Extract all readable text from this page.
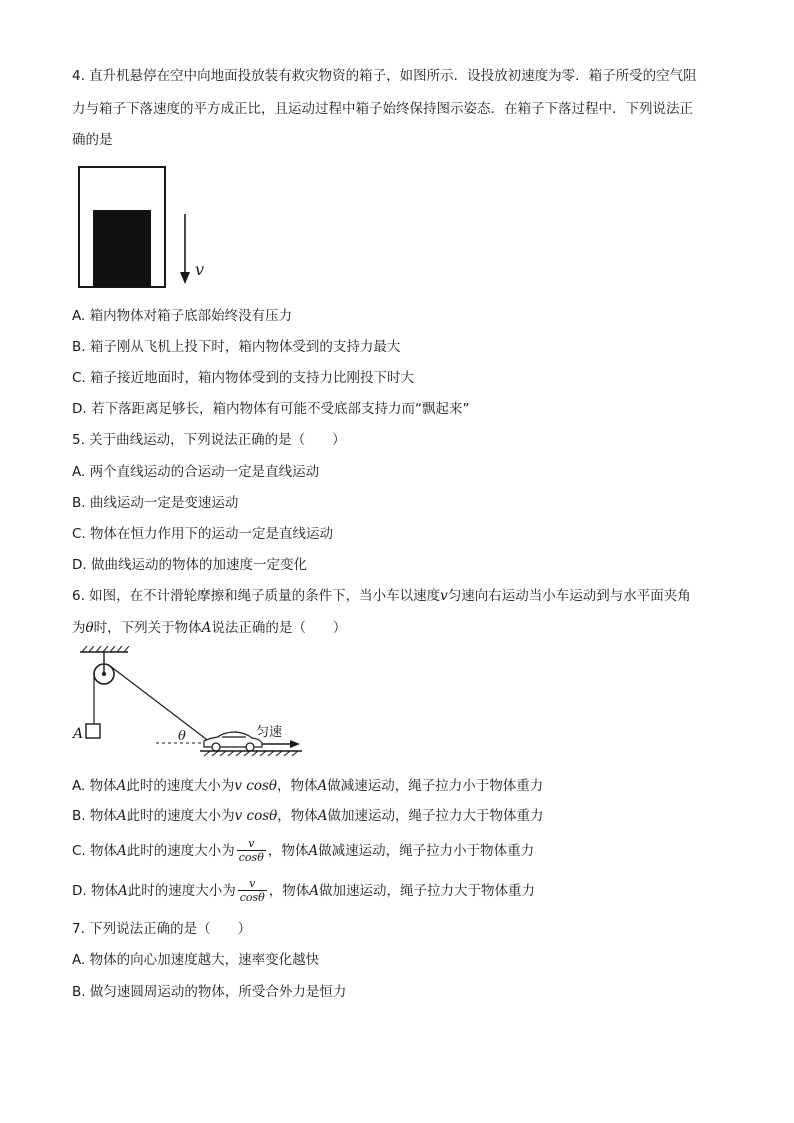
4. 直升机悬停在空中向地面投放装有救灾物资的箱子，如图所示．设投放初速度为零．箱子所受的空气阻
力与箱子下落速度的平方成正比，且运动过程中箱子始终保持图示姿态．在箱子下落过程中．下列说法正
确的是
v
A. 箱内物体对箱子底部始终没有压力
B. 箱子刚从飞机上投下时，箱内物体受到的支持力最大
C. 箱子接近地面时，箱内物体受到的支持力比刚投下时大
D. 若下落距离足够长，箱内物体有可能不受底部支持力而“飘起来”
5. 关于曲线运动，下列说法正确的是（　　）
A. 两个直线运动的合运动一定是直线运动
B. 曲线运动一定是变速运动
C. 物体在恒力作用下的运动一定是直线运动
D. 做曲线运动的物体的加速度一定变化
6. 如图，在不计滑轮摩擦和绳子质量的条件下，当小车以速度v匀速向右运动当小车运动到与水平面夹角
为θ时，下列关于物体A说法正确的是（　　）
A	θ	匀速
A. 物体A此时的速度大小为v cosθ，物体A做减速运动，绳子拉力小于物体重力
B. 物体A此时的速度大小为v cosθ，物体A做加速运动，绳子拉力大于物体重力
C. 物体A此时的速度大小为 $\frac{v}{\cos\theta}$ ，物体A做减速运动，绳子拉力小于物体重力
D. 物体A此时的速度大小为 $\frac{v}{\cos\theta}$ ，物体A做加速运动，绳子拉力大于物体重力
7. 下列说法正确的是（　　）
A. 物体的向心加速度越大，速率变化越快
B. 做匀速圆周运动的物体，所受合外力是恒力
